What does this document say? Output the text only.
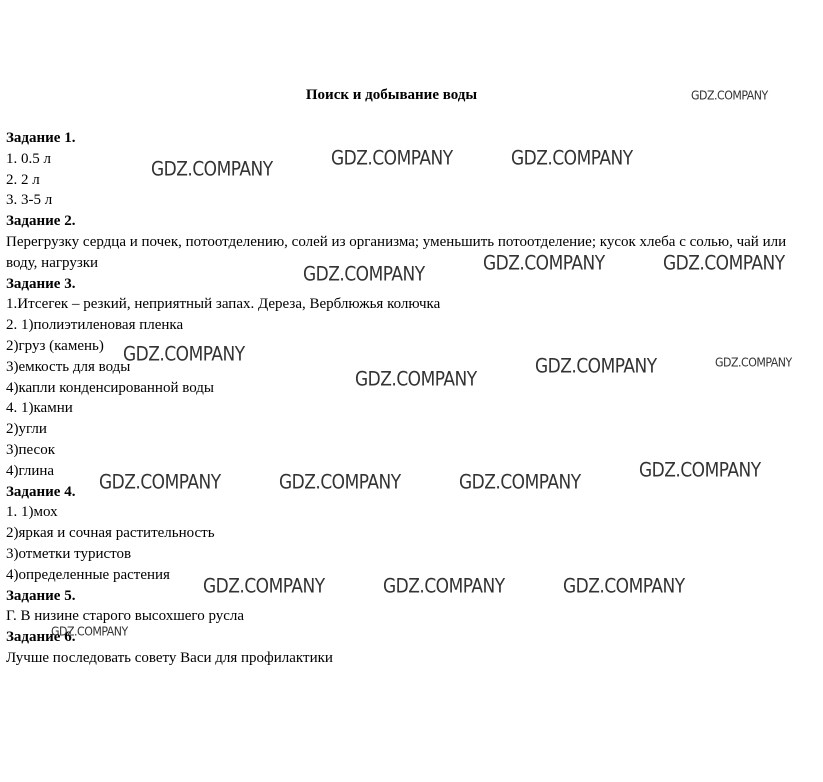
Поиск и добывание воды
Задание 1.
1. 0.5 л
2. 2 л
3. 3-5 л
Задание 2.
Перегрузку сердца и почек, потоотделению, солей из организма; уменьшить потоотделение; кусок хлеба с солью, чай или воду, нагрузки
Задание 3.
1.Итсегек – резкий, неприятный запах. Дереза, Верблюжья колючка
2. 1)полиэтиленовая пленка
2)груз (камень)
3)емкость для воды
4)капли конденсированной воды
4. 1)камни
2)угли
3)песок
4)глина
Задание 4.
1. 1)мох
2)яркая и сочная растительность
3)отметки туристов
4)определенные растения
Задание 5.
Г. В низине старого высохшего русла
Задание 6.
Лучше последовать совету Васи для профилактики
GDZ.COMPANY
GDZ.COMPANY	GDZ.COMPANY	GDZ.COMPANY
GDZ.COMPANY	GDZ.COMPANY	GDZ.COMPANY
GDZ.COMPANY
GDZ.COMPANY
GDZ.COMPANY	GDZ.COMPANY
GDZ.COMPANY	GDZ.COMPANY	GDZ.COMPANY
GDZ.COMPANY
GDZ.COMPANY	GDZ.COMPANY	GDZ.COMPANY
GDZ.COMPANY
